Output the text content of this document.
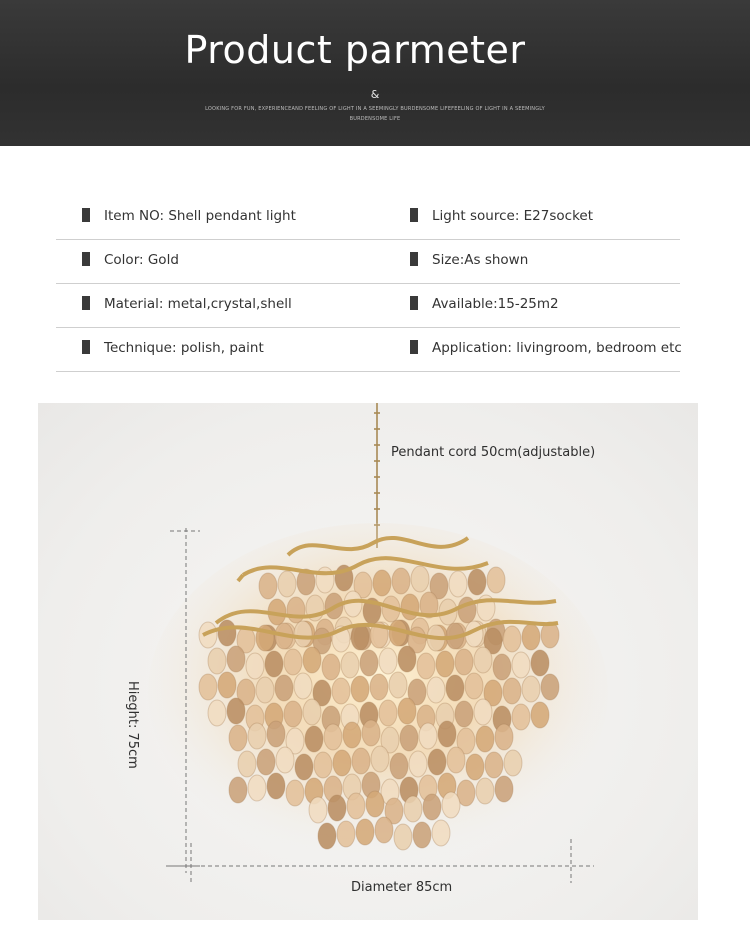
Product parmeter
&
LOOKING FOR FUN, EXPERIENCEAND FEELING OF LIGHT IN A SEEMINGLY BURDENSOME LIFEFEELING OF LIGHT IN A SEEMINGLY BURDENSOME LIFE
Item NO: Shell pendant light	Light source: E27socket
Color: Gold	Size:As shown
Material: metal,crystal,shell	Available:15-25m2
Technique: polish, paint	Application: livingroom, bedroom etc
Pendant cord 50cm(adjustable)
Hieght: 75cm
Diameter 85cm
